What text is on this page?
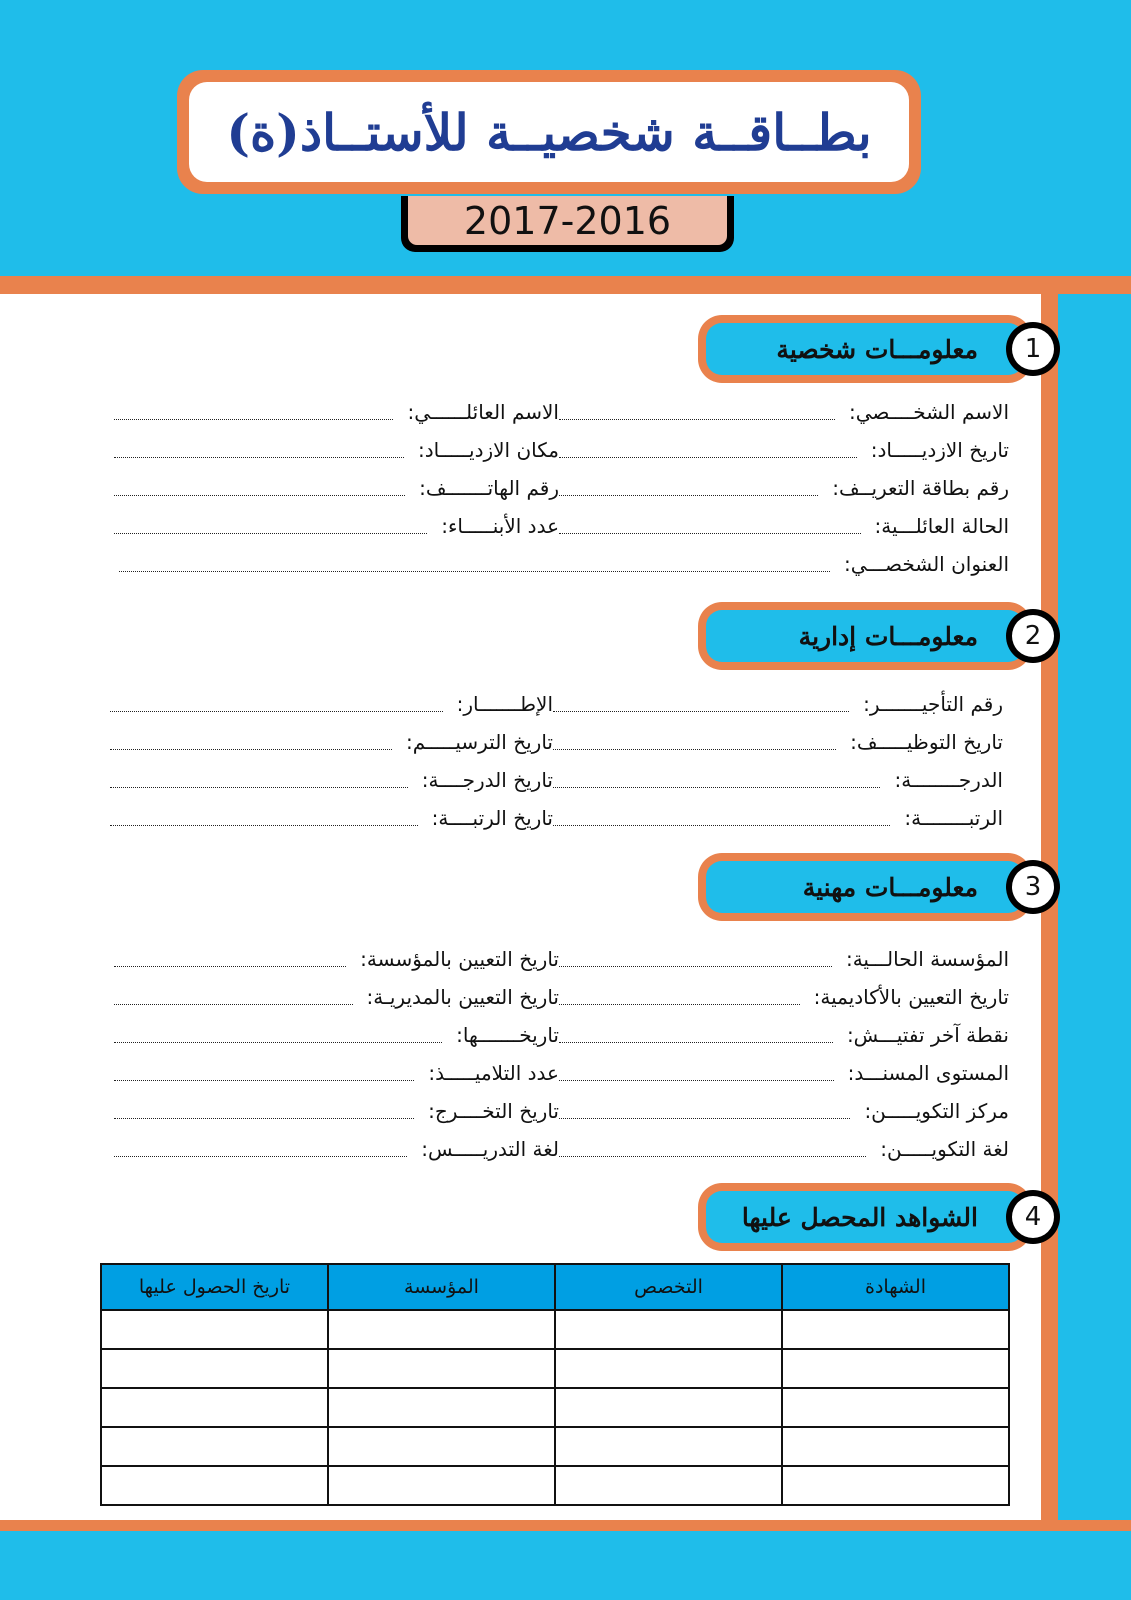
بطــاقــة شخصيــة للأستــاذ(ة)
2017-2016
معلومـــات شخصية	1
الاسم الشخــــصي:
الاسم العائلــــــي:
تاريخ الازديـــــاد:
مكان الازديـــــاد:
رقم بطاقة التعريــف:
رقم الهاتـــــــف:
الحالة العائلـــية:
عدد الأبنـــــاء:
العنوان الشخصـــي:
معلومـــات إدارية	2
رقم التأجيـــــــر:
الإطـــــــار:
تاريخ التوظيـــــف:
تاريخ الترسيـــــم:
الدرجــــــــة:
تاريخ الدرجــــة:
الرتبــــــــة:
تاريخ الرتبــــة:
معلومـــات مهنية	3
المؤسسة الحالـــية:
تاريخ التعيين بالمؤسسة:
تاريخ التعيين بالأكاديمية:
تاريخ التعيين بالمديريـة:
نقطة آخر تفتيـــش:
تاريخـــــــها:
المستوى المسنـــد:
عدد التلاميـــــذ:
مركز التكويـــــن:
تاريخ التخــــرج:
لغة التكويـــــن:
لغة التدريـــــس:
الشواهد المحصل عليها	4
الشهادة	التخصص	المؤسسة	تاريخ الحصول عليها
